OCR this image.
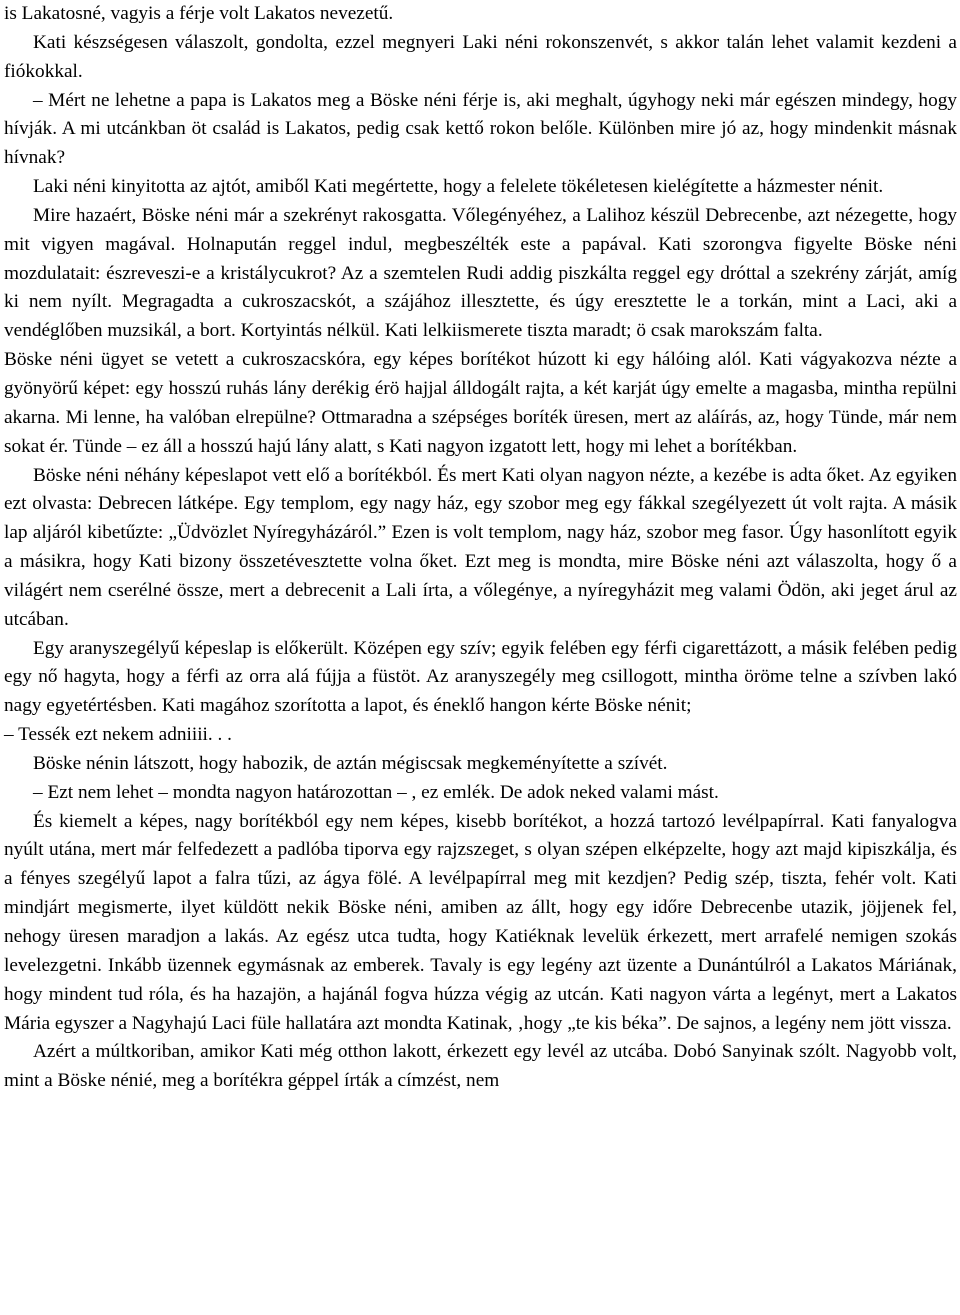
is Lakatosné, vagyis a férje volt Lakatos nevezetű.

Kati készségesen válaszolt, gondolta, ezzel megnyeri Laki néni rokonszenvét, s akkor talán lehet valamit kezdeni a fiókokkal.

– Mért ne lehetne a papa is Lakatos meg a Böske néni férje is, aki meghalt, úgyhogy neki már egészen mindegy, hogy hívják. A mi utcánkban öt család is Lakatos, pedig csak kettő rokon belőle. Különben mire jó az, hogy mindenkit másnak hívnak?

Laki néni kinyitotta az ajtót, amiből Kati megértette, hogy a felelete tökéletesen kielégítette a házmester nénit.

Mire hazaért, Böske néni már a szekrényt rakosgatta. Vőlegényéhez, a Lalihoz készül Debrecenbe, azt nézegette, hogy mit vigyen magával. Holnapután reggel indul, megbeszélték este a papával. Kati szorongva figyelte Böske néni mozdulatait: észreveszi-e a kristálycukrot? Az a szemtelen Rudi addig piszkálta reggel egy dróttal a szekrény zárját, amíg ki nem nyílt. Megragadta a cukroszacskót, a szájához illesztette, és úgy eresztette le a torkán, mint a Laci, aki a vendéglőben muzsikál, a bort. Kortyintás nélkül. Kati lelkiismerete tiszta maradt; ö csak marokszám falta.

Böske néni ügyet se vetett a cukroszacskóra, egy képes borítékot húzott ki egy hálóing alól. Kati vágyakozva nézte a gyönyörű képet: egy hosszú ruhás lány derékig érö hajjal álldogált rajta, a két karját úgy emelte a magasba, mintha repülni akarna. Mi lenne, ha valóban elrepülne? Ottmaradna a szépséges boríték üresen, mert az aláírás, az, hogy Tünde, már nem sokat ér. Tünde – ez áll a hosszú hajú lány alatt, s Kati nagyon izgatott lett, hogy mi lehet a borítékban.

Böske néni néhány képeslapot vett elő a borítékból. És mert Kati olyan nagyon nézte, a kezébe is adta őket. Az egyiken ezt olvasta: Debrecen látképe. Egy templom, egy nagy ház, egy szobor meg egy fákkal szegélyezett út volt rajta. A másik lap aljáról kibetűzte: „Üdvözlet Nyíregyházáról.” Ezen is volt templom, nagy ház, szobor meg fasor. Úgy hasonlított egyik a másikra, hogy Kati bizony összetévesztette volna őket. Ezt meg is mondta, mire Böske néni azt válaszolta, hogy ő a világért nem cserélné össze, mert a debrecenit a Lali írta, a vőlegénye, a nyíregyházit meg valami Ödön, aki jeget árul az utcában.

Egy aranyszegélyű képeslap is előkerült. Középen egy szív; egyik felében egy férfi cigarettázott, a másik felében pedig egy nő hagyta, hogy a férfi az orra alá fújja a füstöt. Az aranyszegély meg csillogott, mintha öröme telne a szívben lakó nagy egyetértésben. Kati magához szorította a lapot, és éneklő hangon kérte Böske nénit;

– Tessék ezt nekem adniiii. . .

Böske nénin látszott, hogy habozik, de aztán mégiscsak megkeményítette a szívét.

– Ezt nem lehet – mondta nagyon határozottan – , ez emlék. De adok neked valami mást.

És kiemelt a képes, nagy borítékból egy nem képes, kisebb borítékot, a hozzá tartozó levélpapírral. Kati fanyalogva nyúlt utána, mert már felfedezett a padlóba tiporva egy rajzszeget, s olyan szépen elképzelte, hogy azt majd kipiszkálja, és a fényes szegélyű lapot a falra tűzi, az ágya fölé. A levélpapírral meg mit kezdjen? Pedig szép, tiszta, fehér volt. Kati mindjárt megismerte, ilyet küldött nekik Böske néni, amiben az állt, hogy egy időre Debrecenbe utazik, jöjjenek fel, nehogy üresen maradjon a lakás. Az egész utca tudta, hogy Katiéknak levelük érkezett, mert arrafelé nemigen szokás levelezgetni. Inkább üzennek egymásnak az emberek. Tavaly is egy legény azt üzente a Dunántúlról a Lakatos Máriának, hogy mindent tud róla, és ha hazajön, a hajánál fogva húzza végig az utcán. Kati nagyon várta a legényt, mert a Lakatos Mária egyszer a Nagyhajú Laci füle hallatára azt mondta Katinak, ‚hogy „te kis béka”. De sajnos, a legény nem jött vissza.

Azért a múltkoriban, amikor Kati még otthon lakott, érkezett egy levél az utcába. Dobó Sanyinak szólt. Nagyobb volt, mint a Böske nénié, meg a borítékra géppel írták a címzést, nem
